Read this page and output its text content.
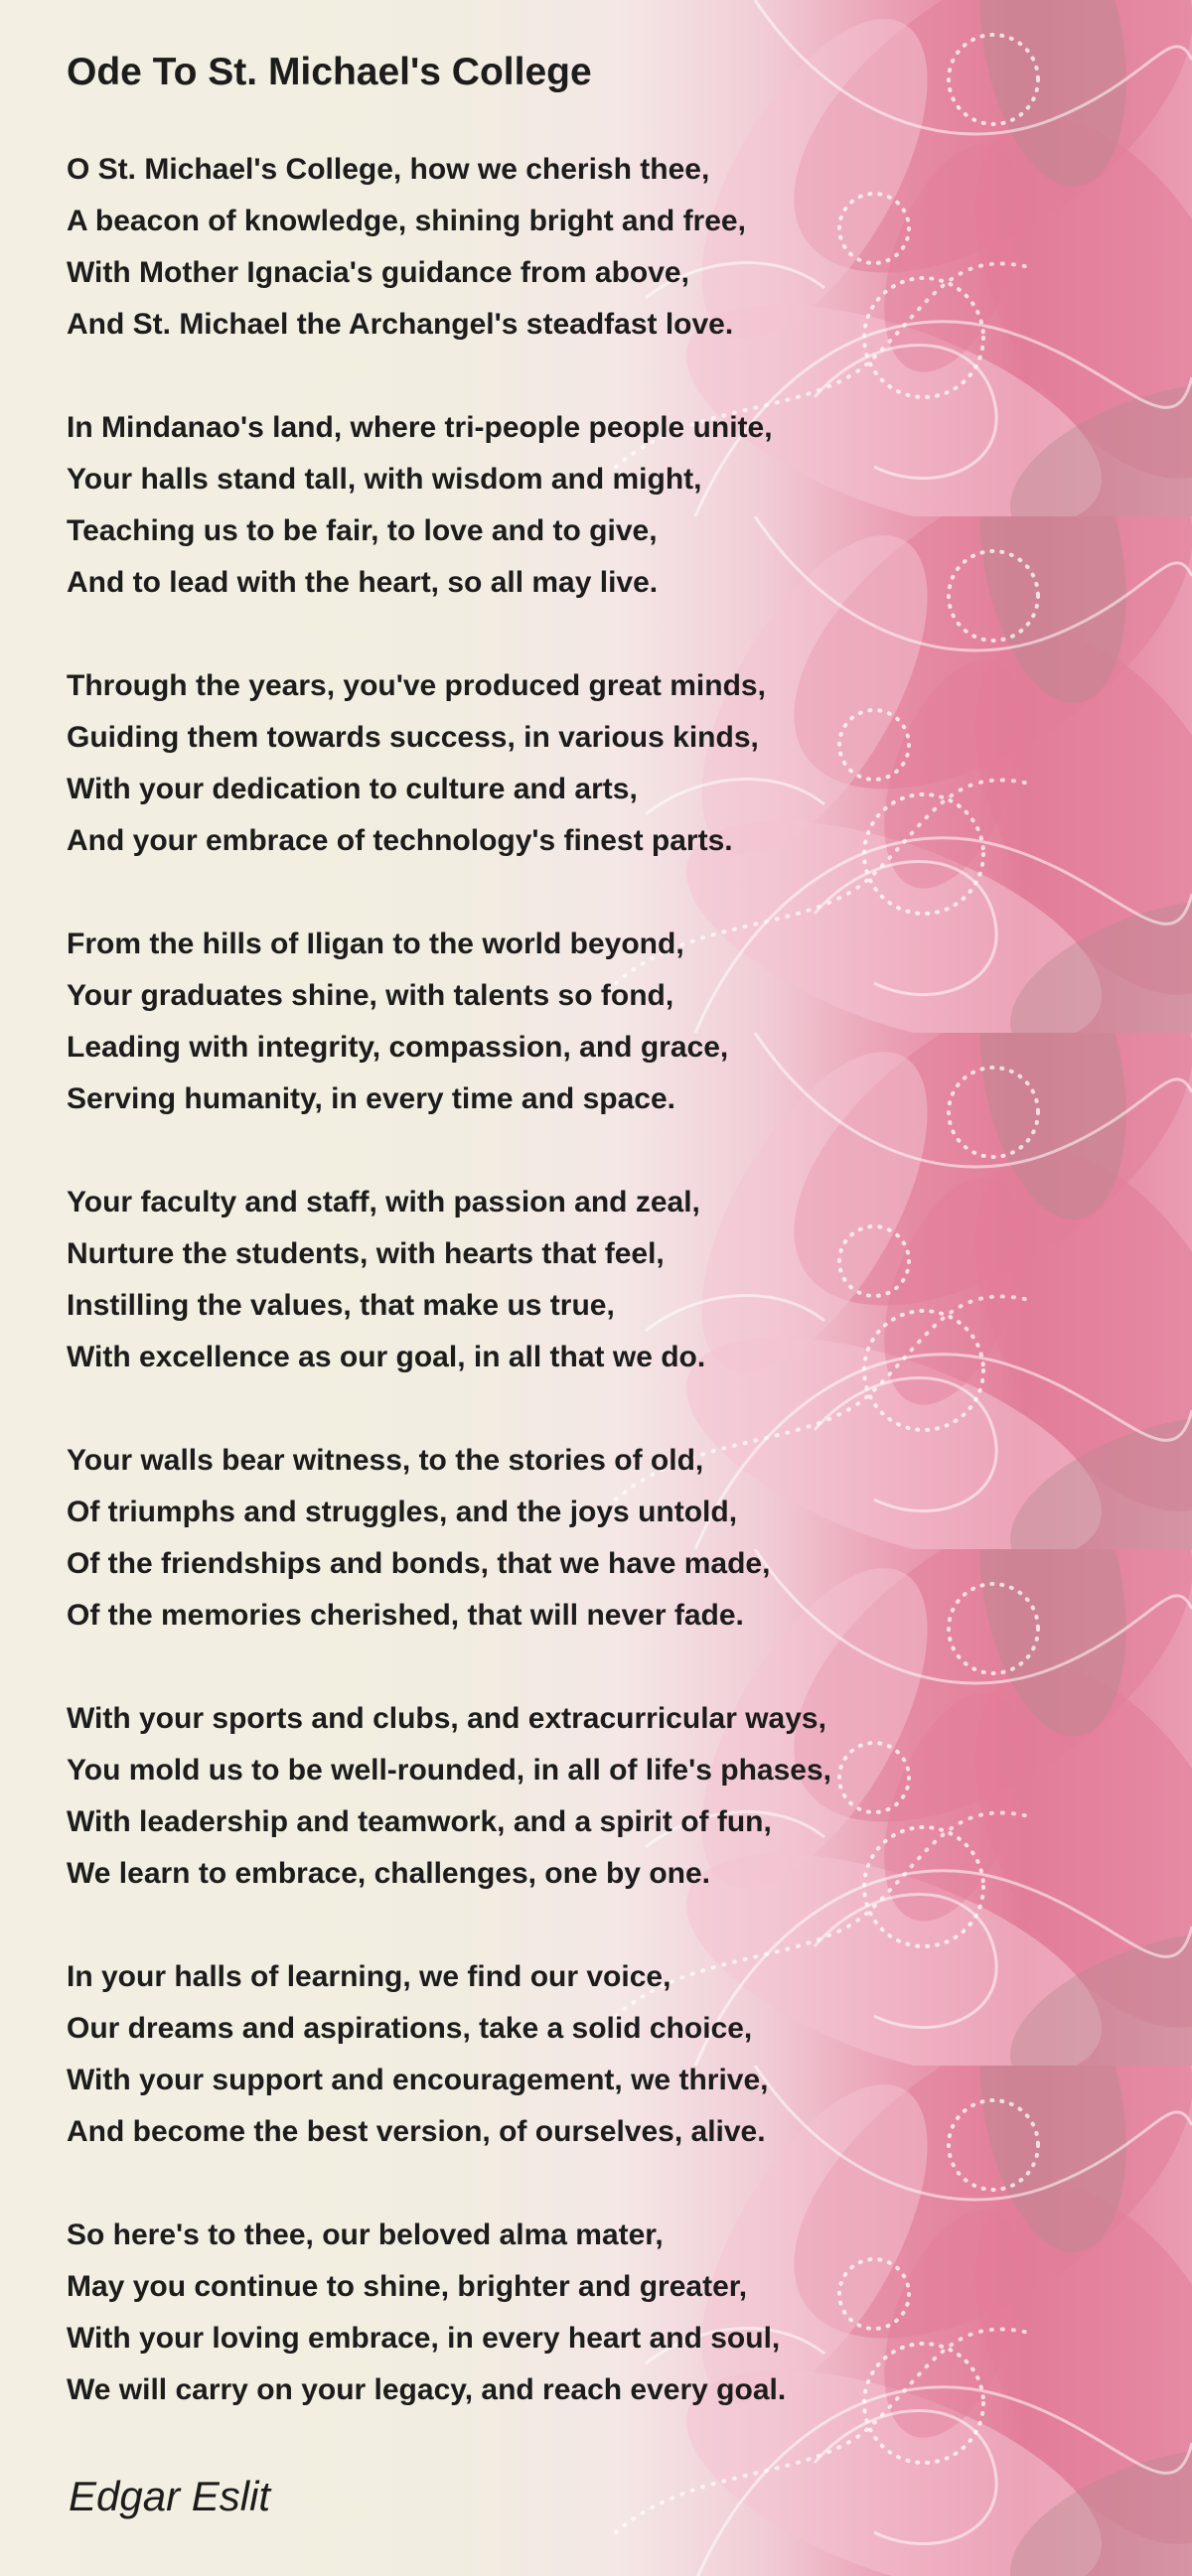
Ode To St. Michael's College
O St. Michael's College, how we cherish thee,
A beacon of knowledge, shining bright and free,
With Mother Ignacia's guidance from above,
And St. Michael the Archangel's steadfast love.
In Mindanao's land, where tri-people people unite,
Your halls stand tall, with wisdom and might,
Teaching us to be fair, to love and to give,
And to lead with the heart, so all may live.
Through the years, you've produced great minds,
Guiding them towards success, in various kinds,
With your dedication to culture and arts,
And your embrace of technology's finest parts.
From the hills of Iligan to the world beyond,
Your graduates shine, with talents so fond,
Leading with integrity, compassion, and grace,
Serving humanity, in every time and space.
Your faculty and staff, with passion and zeal,
Nurture the students, with hearts that feel,
Instilling the values, that make us true,
With excellence as our goal, in all that we do.
Your walls bear witness, to the stories of old,
Of triumphs and struggles, and the joys untold,
Of the friendships and bonds, that we have made,
Of the memories cherished, that will never fade.
With your sports and clubs, and extracurricular ways,
You mold us to be well-rounded, in all of life's phases,
With leadership and teamwork, and a spirit of fun,
We learn to embrace, challenges, one by one.
In your halls of learning, we find our voice,
Our dreams and aspirations, take a solid choice,
With your support and encouragement, we thrive,
And become the best version, of ourselves, alive.
So here's to thee, our beloved alma mater,
May you continue to shine, brighter and greater,
With your loving embrace, in every heart and soul,
We will carry on your legacy, and reach every goal.

Edgar Eslit
